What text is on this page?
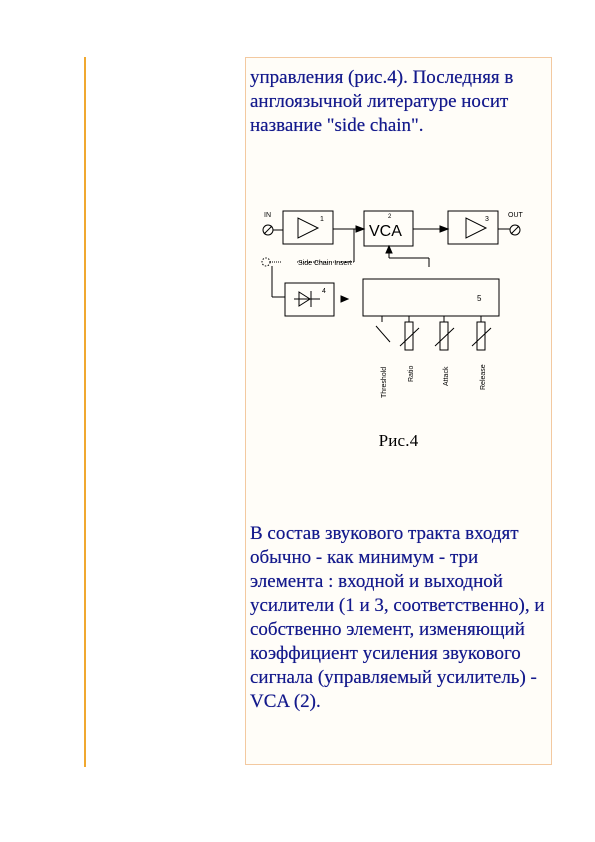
управления (рис.4). Последняя в англоязычной литературе носит название "side chain".

IN	OUT
1
VCA
2	3
4
5
Side Chain Insert
Threshold	Ratio	Attack	Release
Рис.4

В состав звукового тракта входят обычно - как минимум - три элемента : входной и выходной усилители (1 и 3, соответственно), и собственно элемент, изменяющий коэффициент усиления звукового сигнала (управляемый усилитель) - VCA (2).
